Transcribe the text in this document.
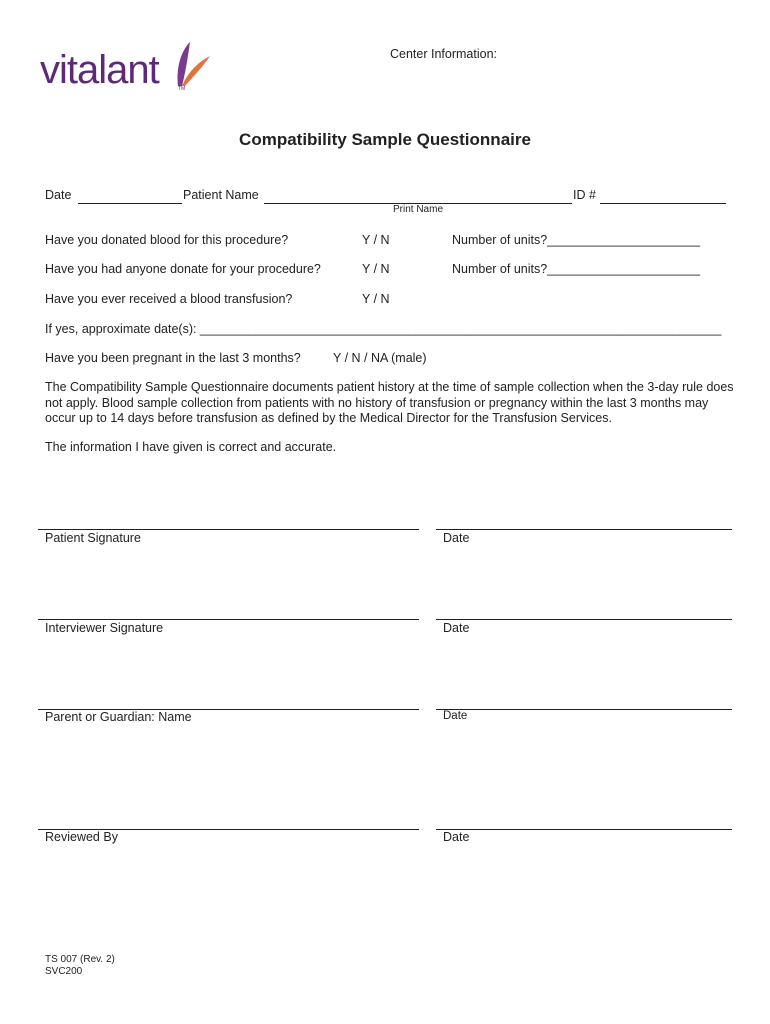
vitalant	TM
Center Information:
Compatibility Sample Questionnaire
Date	Patient Name	ID #
Print Name
Have you donated blood for this procedure?	Y / N	Number of units?______________________
Have you had anyone donate for your procedure?	Y / N	Number of units?______________________
Have you ever received a blood transfusion?	Y / N
If yes, approximate date(s): ___________________________________________________________________________
Have you been pregnant in the last 3 months?	Y / N / NA (male)
The Compatibility Sample Questionnaire documents patient history at the time of sample collection when the 3-day rule does not apply. Blood sample collection from patients with no history of transfusion or pregnancy within the last 3 months may occur up to 14 days before transfusion as defined by the Medical Director for the Transfusion Services.
The information I have given is correct and accurate.
Patient Signature	Date
Interviewer Signature	Date
Parent or Guardian: Name	Date
Reviewed By	Date
TS 007 (Rev. 2)
SVC200
